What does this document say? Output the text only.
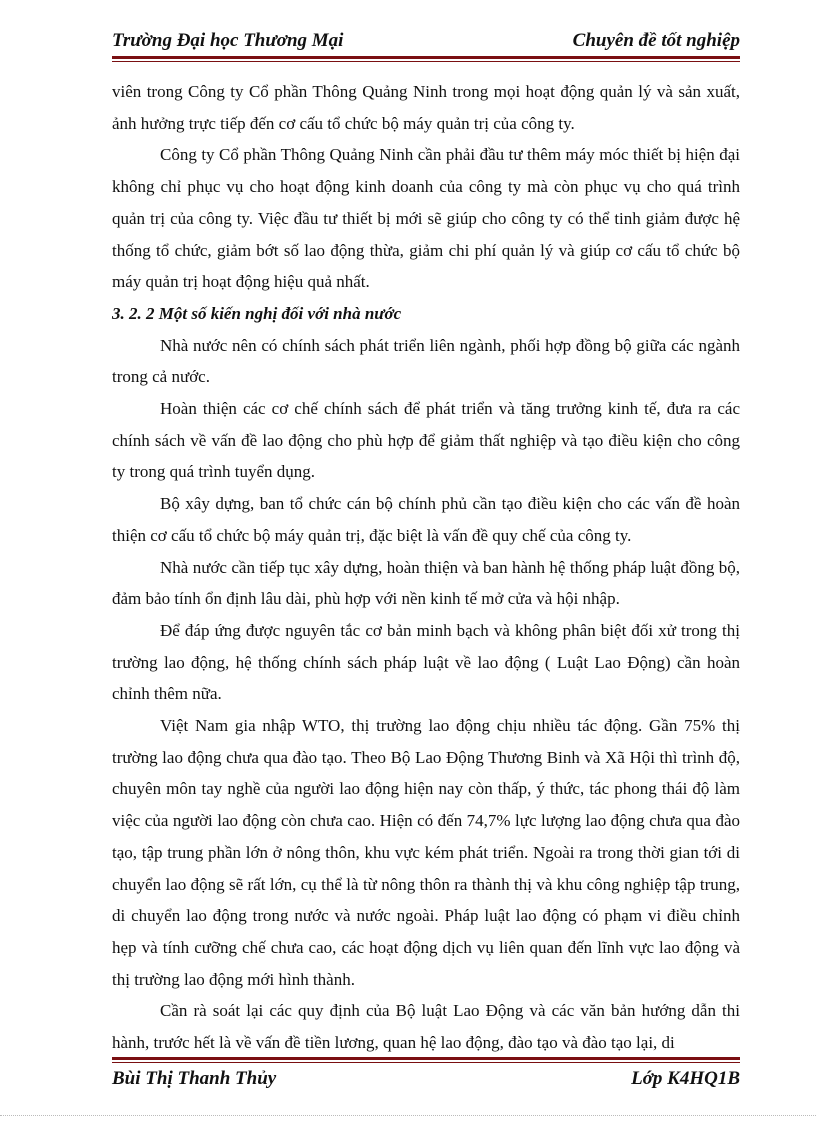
Trường Đại học Thương Mại	Chuyên đề tốt nghiệp

viên trong Công ty Cổ phần Thông Quảng Ninh trong mọi hoạt động quản lý và sản xuất, ảnh hưởng trực tiếp đến cơ cấu tổ chức bộ máy quản trị của công ty.

Công ty Cổ phần Thông Quảng Ninh cần phải đầu tư thêm máy móc thiết bị hiện đại không chỉ phục vụ cho hoạt động kinh doanh của công ty mà còn phục vụ cho quá trình quản trị của công ty. Việc đầu tư thiết bị mới sẽ giúp cho công ty có thể tinh giảm được hệ thống tổ chức, giảm bớt số lao động thừa, giảm chi phí quản lý và giúp cơ cấu tổ chức bộ máy quản trị hoạt động hiệu quả nhất.

3. 2. 2 Một số kiến nghị đối với nhà nước

Nhà nước nên có chính sách phát triển liên ngành, phối hợp đồng bộ giữa các ngành trong cả nước.

Hoàn thiện các cơ chế chính sách để phát triển và tăng trưởng kinh tế, đưa ra các chính sách về vấn đề lao động cho phù hợp để giảm thất nghiệp và tạo điều kiện cho công ty trong quá trình tuyển dụng.

Bộ xây dựng, ban tổ chức cán bộ chính phủ cần tạo điều kiện cho các vấn đề hoàn thiện cơ cấu tổ chức bộ máy quản trị, đặc biệt là vấn đề quy chế của công ty.

Nhà nước cần tiếp tục xây dựng, hoàn thiện và ban hành hệ thống pháp luật đồng bộ, đảm bảo tính ổn định lâu dài, phù hợp với nền kinh tế mở cửa và hội nhập.

Để đáp ứng được nguyên tắc cơ bản minh bạch và không phân biệt đối xử trong thị trường lao động, hệ thống chính sách pháp luật về lao động ( Luật Lao Động) cần hoàn chỉnh thêm nữa.

Việt Nam gia nhập WTO, thị trường lao động chịu nhiều tác động. Gần 75% thị trường lao động chưa qua đào tạo. Theo Bộ Lao Động Thương Binh và Xã Hội thì trình độ, chuyên môn tay nghề của người lao động hiện nay còn thấp, ý thức, tác phong thái độ làm việc của người lao động còn chưa cao. Hiện có đến 74,7% lực lượng lao động chưa qua đào tạo, tập trung phần lớn ở nông thôn, khu vực kém phát triển. Ngoài ra trong thời gian tới di chuyển lao động sẽ rất lớn, cụ thể là từ nông thôn ra thành thị và khu công nghiệp tập trung, di chuyển lao động trong nước và nước ngoài. Pháp luật lao động có phạm vi điều chỉnh hẹp và tính cưỡng chế chưa cao, các hoạt động dịch vụ liên quan đến lĩnh vực lao động và thị trường lao động mới hình thành.

Cần rà soát lại các quy định của Bộ luật Lao Động và các văn bản hướng dẫn thi hành, trước hết là về vấn đề tiền lương, quan hệ lao động, đào tạo và đào tạo lại, di

Bùi Thị Thanh Thủy	Lớp K4HQ1B
